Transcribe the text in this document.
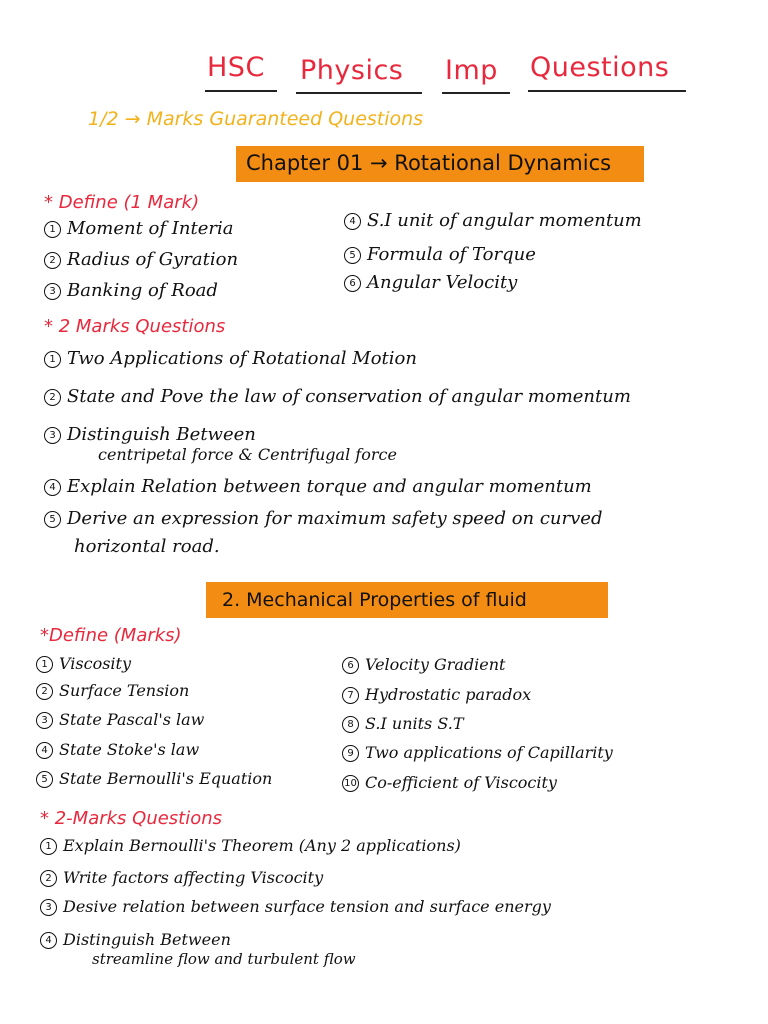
HSC Physics Imp Questions
1/2 → Marks Guaranteed Questions
Chapter 01 → Rotational Dynamics
* Define (1 Mark)
1 Moment of Interia
2 Radius of Gyration
3 Banking of Road
4 S.I unit of angular momentum
5 Formula of Torque
6 Angular Velocity
* 2 Marks Questions
1 Two Applications of Rotational Motion
2 State and Pove the law of conservation of angular momentum
3 Distinguish Between
centripetal force & Centrifugal force
4 Explain Relation between torque and angular momentum
5 Derive an expression for maximum safety speed on curved
horizontal road.
2. Mechanical Properties of fluid
*Define (Marks)
1 Viscosity
2 Surface Tension
3 State Pascal's law
4 State Stoke's law
5 State Bernoulli's Equation
6 Velocity Gradient
7 Hydrostatic paradox
8 S.I units S.T
9 Two applications of Capillarity
10 Co-efficient of Viscocity
* 2-Marks Questions
1 Explain Bernoulli's Theorem (Any 2 applications)
2 Write factors affecting Viscocity
3 Desive relation between surface tension and surface energy
4 Distinguish Between
streamline flow and turbulent flow
